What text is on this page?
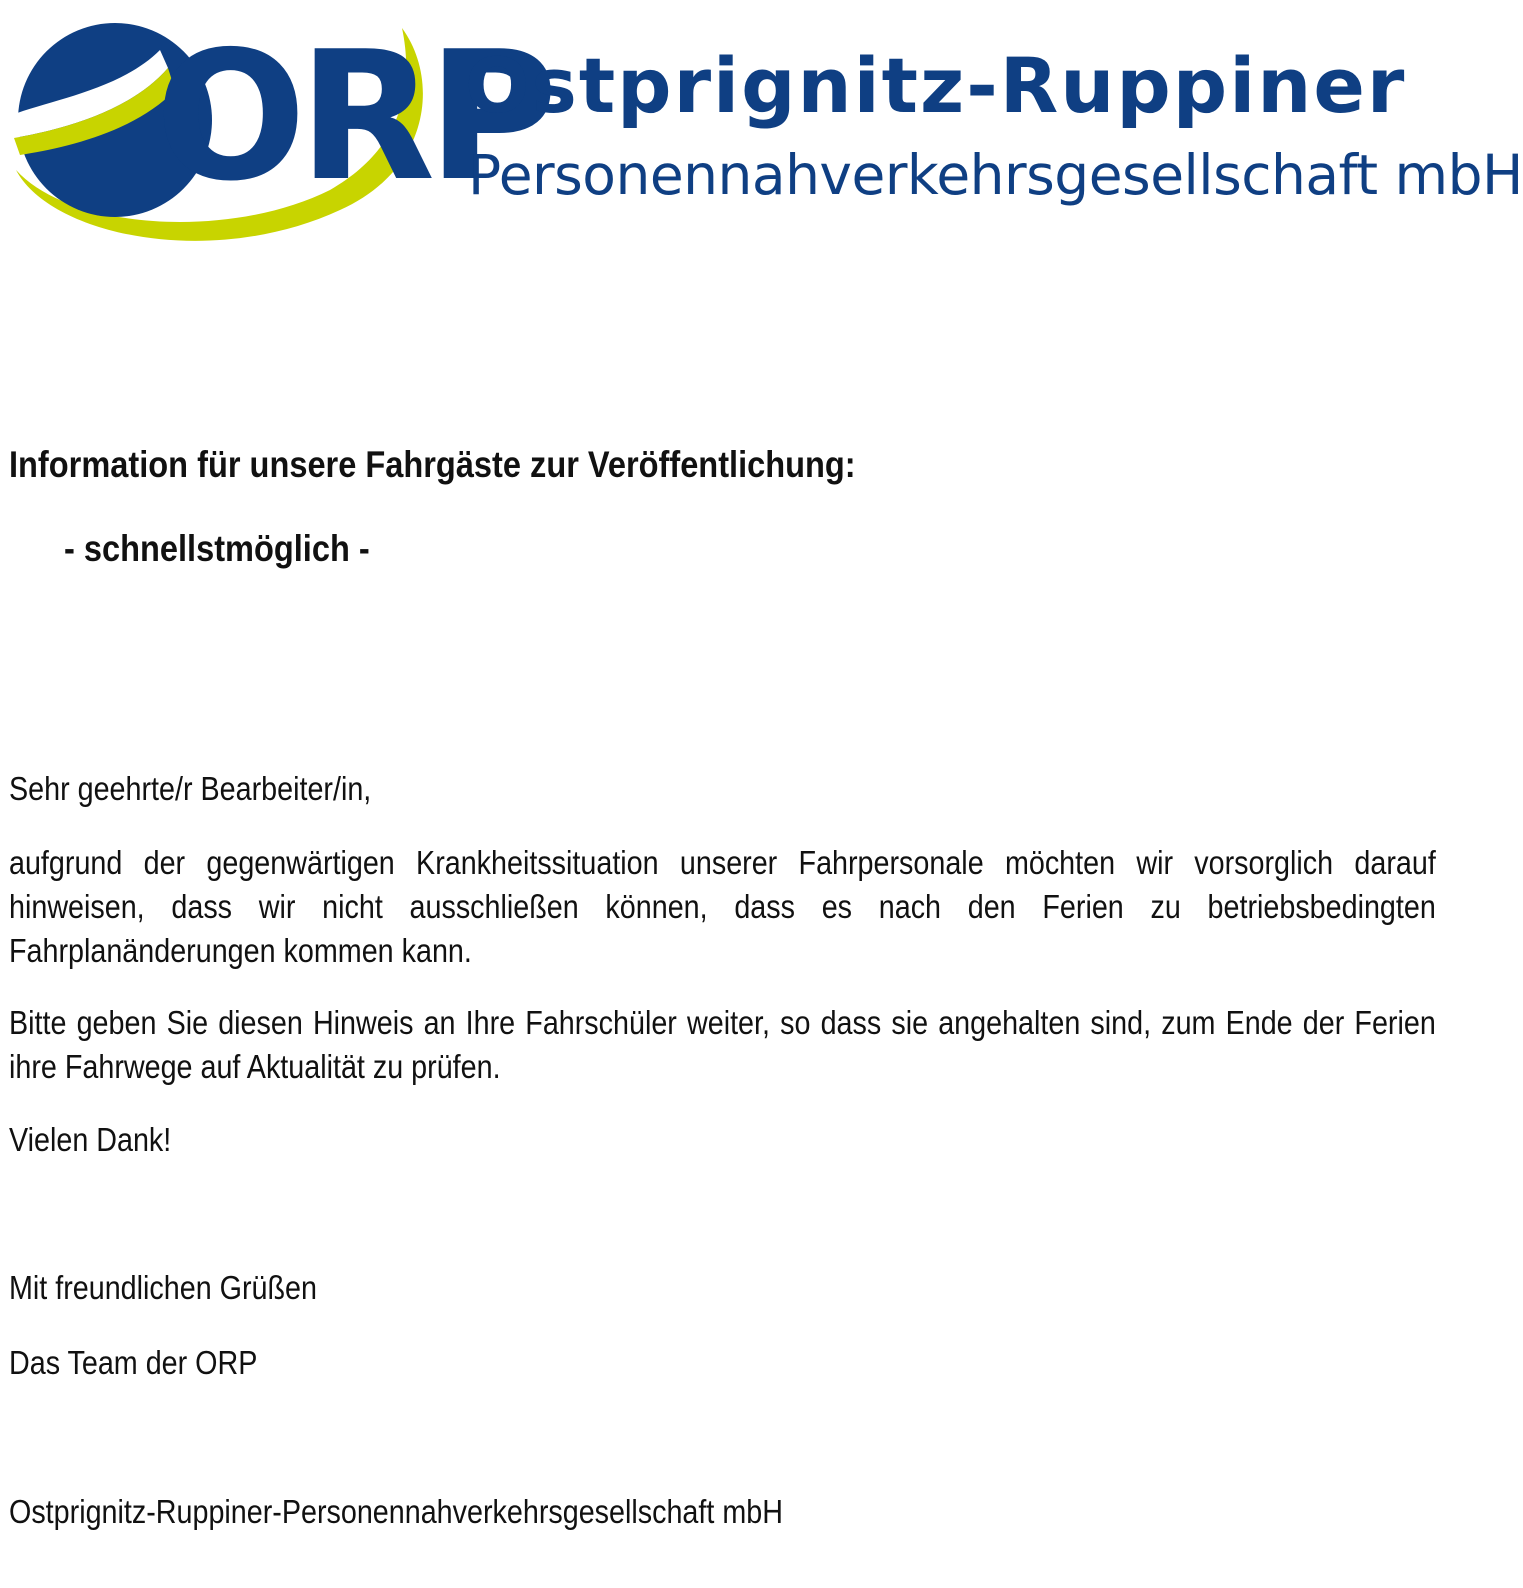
ORP
Ostprignitz-Ruppiner
Personennahverkehrsgesellschaft mbH
Information für unsere Fahrgäste zur Veröffentlichung:
- schnellstmöglich -

Sehr geehrte/r Bearbeiter/in,

aufgrund der gegenwärtigen Krankheitssituation unserer Fahrpersonale möchten wir vorsorglich darauf hinweisen, dass wir nicht ausschließen können, dass es nach den Ferien zu betriebsbedingten Fahrplanänderungen kommen kann.

Bitte geben Sie diesen Hinweis an Ihre Fahrschüler weiter, so dass sie angehalten sind, zum Ende der Ferien ihre Fahrwege auf Aktualität zu prüfen.

Vielen Dank!

Mit freundlichen Grüßen

Das Team der ORP

Ostprignitz-Ruppiner-Personennahverkehrsgesellschaft mbH
